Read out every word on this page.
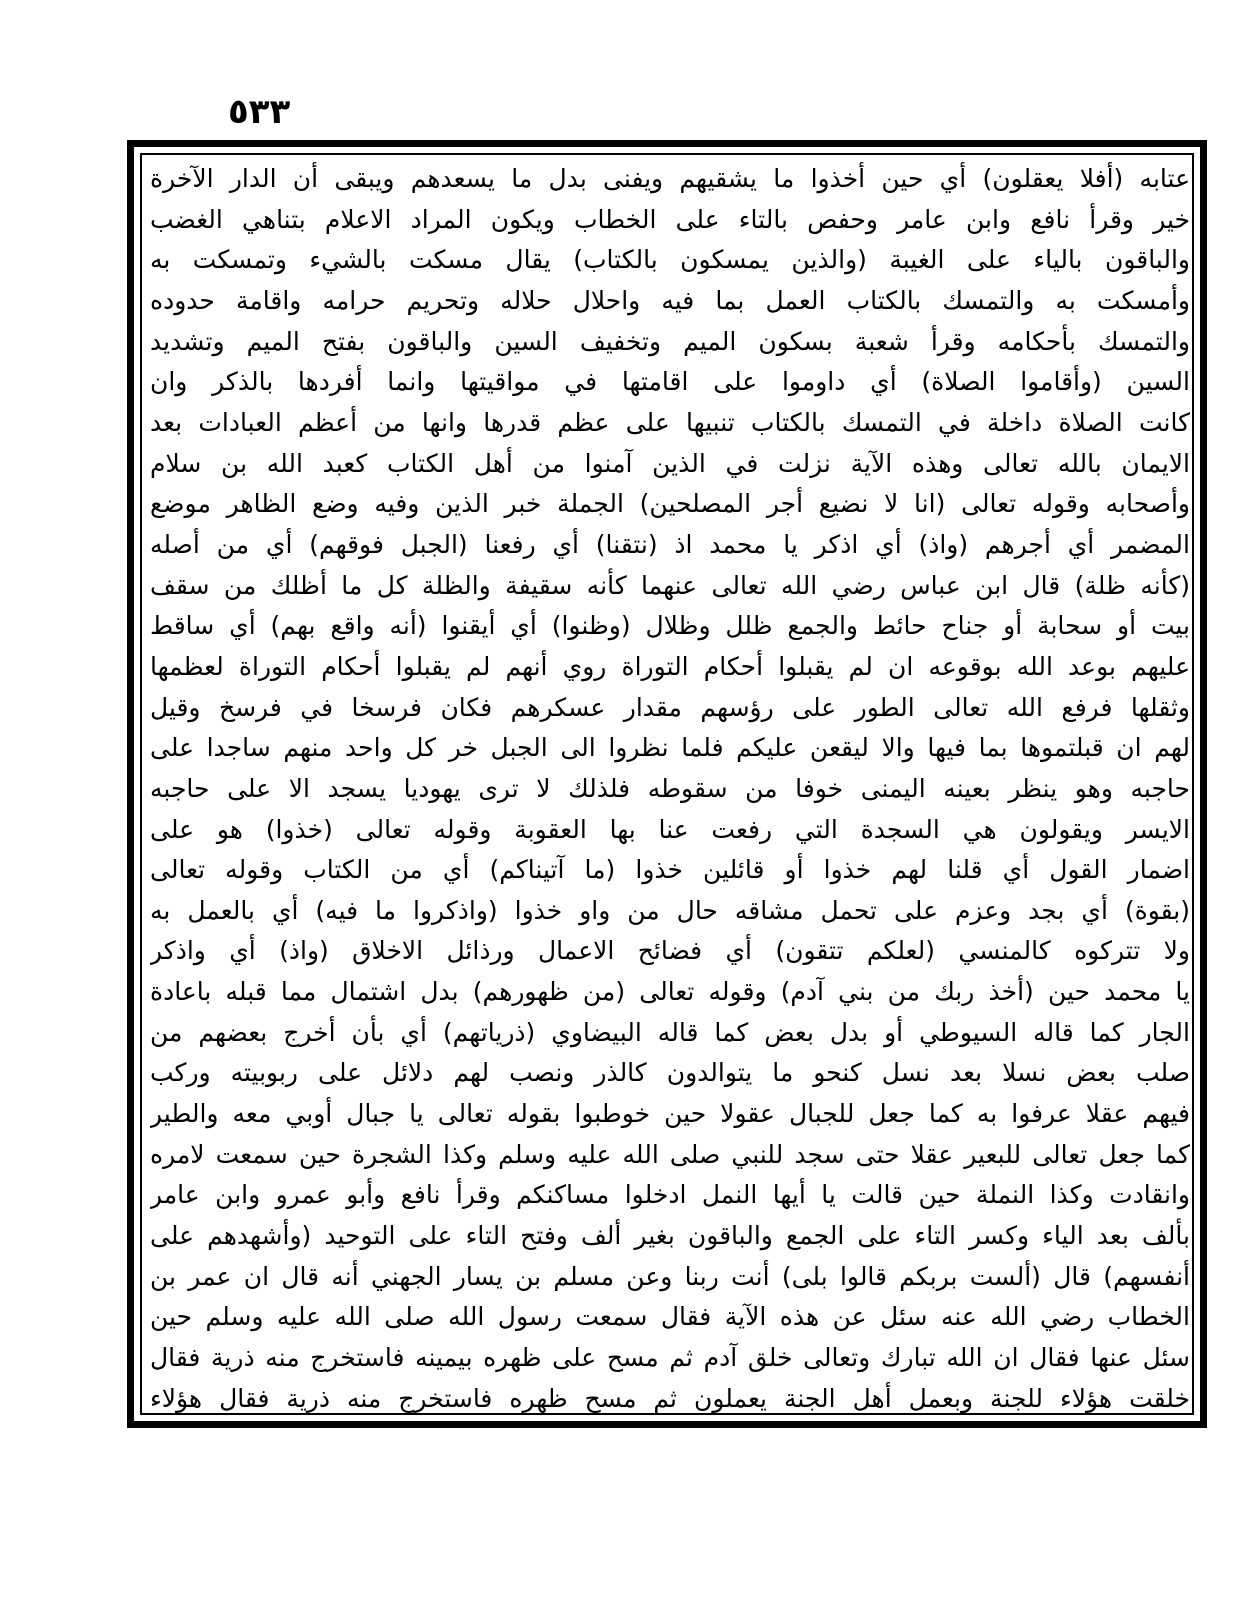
٥٣٣
عتابه (أفلا يعقلون) أي حين أخذوا ما يشقيهم ويفنى بدل ما يسعدهم ويبقى أن الدار الآخرة
خير وقرأ نافع وابن عامر وحفص بالتاء على الخطاب ويكون المراد الاعلام بتناهي الغضب
والباقون بالياء على الغيبة (والذين يمسكون بالكتاب) يقال مسكت بالشيء وتمسكت به
وأمسكت به والتمسك بالكتاب العمل بما فيه واحلال حلاله وتحريم حرامه واقامة حدوده
والتمسك بأحكامه وقرأ شعبة بسكون الميم وتخفيف السين والباقون بفتح الميم وتشديد
السين (وأقاموا الصلاة) أي داوموا على اقامتها في مواقيتها وانما أفردها بالذكر وان
كانت الصلاة داخلة في التمسك بالكتاب تنبيها على عظم قدرها وانها من أعظم العبادات بعد
الايمان بالله تعالى وهذه الآية نزلت في الذين آمنوا من أهل الكتاب كعبد الله بن سلام
وأصحابه وقوله تعالى (انا لا نضيع أجر المصلحين) الجملة خبر الذين وفيه وضع الظاهر موضع
المضمر أي أجرهم (واذ) أي اذكر يا محمد اذ (نتقنا) أي رفعنا (الجبل فوقهم) أي من أصله
(كأنه ظلة) قال ابن عباس رضي الله تعالى عنهما كأنه سقيفة والظلة كل ما أظلك من سقف
بيت أو سحابة أو جناح حائط والجمع ظلل وظلال (وظنوا) أي أيقنوا (أنه واقع بهم) أي ساقط
عليهم بوعد الله بوقوعه ان لم يقبلوا أحكام التوراة روي أنهم لم يقبلوا أحكام التوراة لعظمها
وثقلها فرفع الله تعالى الطور على رؤسهم مقدار عسكرهم فكان فرسخا في فرسخ وقيل
لهم ان قبلتموها بما فيها والا ليقعن عليكم فلما نظروا الى الجبل خر كل واحد منهم ساجدا على
حاجبه وهو ينظر بعينه اليمنى خوفا من سقوطه فلذلك لا ترى يهوديا يسجد الا على حاجبه
الايسر ويقولون هي السجدة التي رفعت عنا بها العقوبة وقوله تعالى (خذوا) هو على
اضمار القول أي قلنا لهم خذوا أو قائلين خذوا (ما آتيناكم) أي من الكتاب وقوله تعالى
(بقوة) أي بجد وعزم على تحمل مشاقه حال من واو خذوا (واذكروا ما فيه) أي بالعمل به
ولا تتركوه كالمنسي (لعلكم تتقون) أي فضائح الاعمال ورذائل الاخلاق (واذ) أي واذكر
يا محمد حين (أخذ ربك من بني آدم) وقوله تعالى (من ظهورهم) بدل اشتمال مما قبله باعادة
الجار كما قاله السيوطي أو بدل بعض كما قاله البيضاوي (ذرياتهم) أي بأن أخرج بعضهم من
صلب بعض نسلا بعد نسل كنحو ما يتوالدون كالذر ونصب لهم دلائل على ربوبيته وركب
فيهم عقلا عرفوا به كما جعل للجبال عقولا حين خوطبوا بقوله تعالى يا جبال أوبي معه والطير
كما جعل تعالى للبعير عقلا حتى سجد للنبي صلى الله عليه وسلم وكذا الشجرة حين سمعت لامره
وانقادت وكذا النملة حين قالت يا أيها النمل ادخلوا مساكنكم وقرأ نافع وأبو عمرو وابن عامر
بألف بعد الياء وكسر التاء على الجمع والباقون بغير ألف وفتح التاء على التوحيد (وأشهدهم على
أنفسهم) قال (ألست بربكم قالوا بلى) أنت ربنا وعن مسلم بن يسار الجهني أنه قال ان عمر بن
الخطاب رضي الله عنه سئل عن هذه الآية فقال سمعت رسول الله صلى الله عليه وسلم حين
سئل عنها فقال ان الله تبارك وتعالى خلق آدم ثم مسح على ظهره بيمينه فاستخرج منه ذرية فقال
خلقت هؤلاء للجنة وبعمل أهل الجنة يعملون ثم مسح ظهره فاستخرج منه ذرية فقال هؤلاء
